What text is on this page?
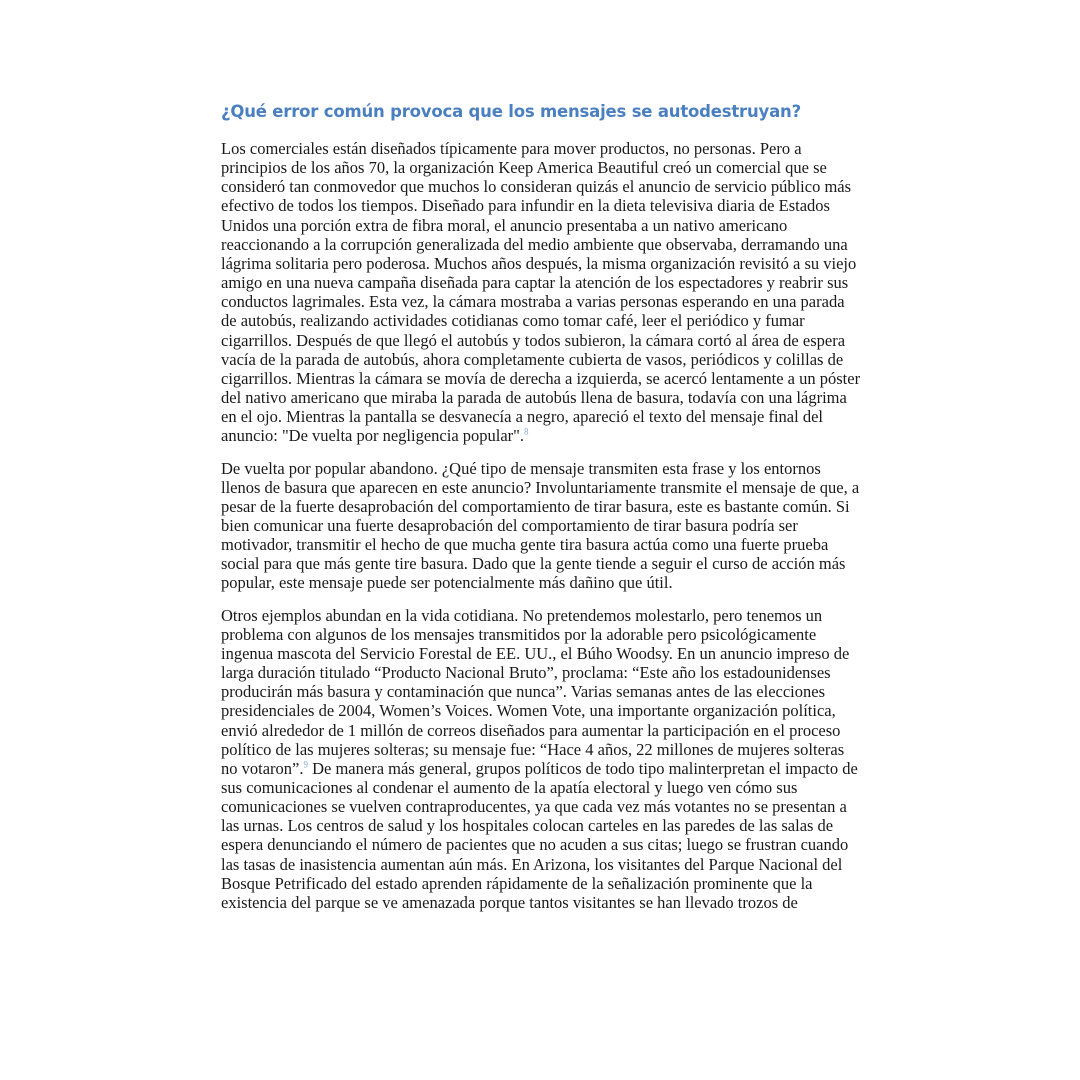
¿Qué error común provoca que los mensajes se autodestruyan?

Los comerciales están diseñados típicamente para mover productos, no personas. Pero a principios de los años 70, la organización Keep America Beautiful creó un comercial que se consideró tan conmovedor que muchos lo consideran quizás el anuncio de servicio público más efectivo de todos los tiempos. Diseñado para infundir en la dieta televisiva diaria de Estados Unidos una porción extra de fibra moral, el anuncio presentaba a un nativo americano reaccionando a la corrupción generalizada del medio ambiente que observaba, derramando una lágrima solitaria pero poderosa. Muchos años después, la misma organización revisitó a su viejo amigo en una nueva campaña diseñada para captar la atención de los espectadores y reabrir sus conductos lagrimales. Esta vez, la cámara mostraba a varias personas esperando en una parada de autobús, realizando actividades cotidianas como tomar café, leer el periódico y fumar cigarrillos. Después de que llegó el autobús y todos subieron, la cámara cortó al área de espera vacía de la parada de autobús, ahora completamente cubierta de vasos, periódicos y colillas de cigarrillos. Mientras la cámara se movía de derecha a izquierda, se acercó lentamente a un póster del nativo americano que miraba la parada de autobús llena de basura, todavía con una lágrima en el ojo. Mientras la pantalla se desvanecía a negro, apareció el texto del mensaje final del anuncio: "De vuelta por negligencia popular".$^8$

De vuelta por popular abandono. ¿Qué tipo de mensaje transmiten esta frase y los entornos llenos de basura que aparecen en este anuncio? Involuntariamente transmite el mensaje de que, a pesar de la fuerte desaprobación del comportamiento de tirar basura, este es bastante común. Si bien comunicar una fuerte desaprobación del comportamiento de tirar basura podría ser motivador, transmitir el hecho de que mucha gente tira basura actúa como una fuerte prueba social para que más gente tire basura. Dado que la gente tiende a seguir el curso de acción más popular, este mensaje puede ser potencialmente más dañino que útil.

Otros ejemplos abundan en la vida cotidiana. No pretendemos molestarlo, pero tenemos un problema con algunos de los mensajes transmitidos por la adorable pero psicológicamente ingenua mascota del Servicio Forestal de EE. UU., el Búho Woodsy. En un anuncio impreso de larga duración titulado “Producto Nacional Bruto”, proclama: “Este año los estadounidenses producirán más basura y contaminación que nunca”. Varias semanas antes de las elecciones presidenciales de 2004, Women’s Voices. Women Vote, una importante organización política, envió alrededor de 1 millón de correos diseñados para aumentar la participación en el proceso político de las mujeres solteras; su mensaje fue: “Hace 4 años, 22 millones de mujeres solteras no votaron”.$^9$ De manera más general, grupos políticos de todo tipo malinterpretan el impacto de sus comunicaciones al condenar el aumento de la apatía electoral y luego ven cómo sus comunicaciones se vuelven contraproducentes, ya que cada vez más votantes no se presentan a las urnas. Los centros de salud y los hospitales colocan carteles en las paredes de las salas de espera denunciando el número de pacientes que no acuden a sus citas; luego se frustran cuando las tasas de inasistencia aumentan aún más. En Arizona, los visitantes del Parque Nacional del Bosque Petrificado del estado aprenden rápidamente de la señalización prominente que la existencia del parque se ve amenazada porque tantos visitantes se han llevado trozos de
